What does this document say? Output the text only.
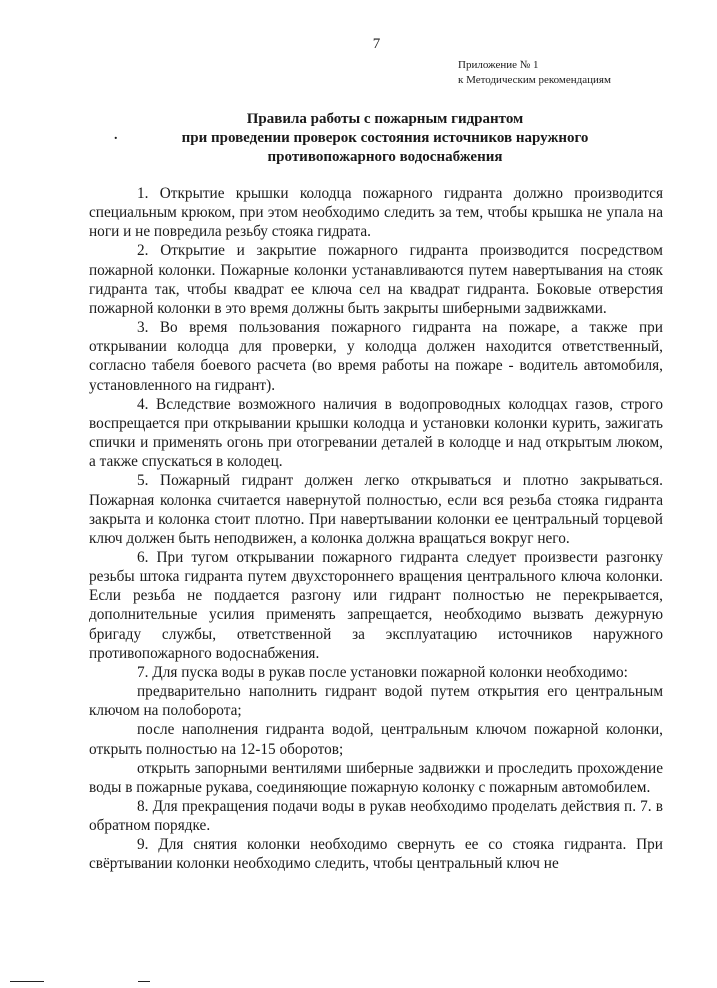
7
Приложение № 1
к Методическим рекомендациям
.
Правила работы с пожарным гидрантом
при проведении проверок состояния источников наружного
противопожарного водоснабжения

1. Открытие крышки колодца пожарного гидранта должно производится специальным крюком, при этом необходимо следить за тем, чтобы крышка не упала на ноги и не повредила резьбу стояка гидрата.

2. Открытие и закрытие пожарного гидранта производится посредством пожарной колонки. Пожарные колонки устанавливаются путем навертывания на стояк гидранта так, чтобы квадрат ее ключа сел на квадрат гидранта. Боковые отверстия пожарной колонки в это время должны быть закрыты шиберными задвижками.

3. Во время пользования пожарного гидранта на пожаре, а также при открывании колодца для проверки, у колодца должен находится ответственный, согласно табеля боевого расчета (во время работы на пожаре - водитель автомобиля, установленного на гидрант).

4. Вследствие возможного наличия в водопроводных колодцах газов, строго воспрещается при открывании крышки колодца и установки колонки курить, зажигать спички и применять огонь при отогревании деталей в колодце и над открытым люком, а также спускаться в колодец.

5. Пожарный гидрант должен легко открываться и плотно закрываться. Пожарная колонка считается навернутой полностью, если вся резьба стояка гидранта закрыта и колонка стоит плотно. При навертывании колонки ее центральный торцевой ключ должен быть неподвижен, а колонка должна вращаться вокруг него.

6. При тугом открывании пожарного гидранта следует произвести разгонку резьбы штока гидранта путем двухстороннего вращения центрального ключа колонки. Если резьба не поддается разгону или гидрант полностью не перекрывается, дополнительные усилия применять запрещается, необходимо вызвать дежурную бригаду службы, ответственной за эксплуатацию источников наружного противопожарного водоснабжения.

7. Для пуска воды в рукав после установки пожарной колонки необходимо:

предварительно наполнить гидрант водой путем открытия его центральным ключом на полоборота;

после наполнения гидранта водой, центральным ключом пожарной колонки, открыть полностью на 12-15 оборотов;

открыть запорными вентилями шиберные задвижки и проследить прохождение воды в пожарные рукава, соединяющие пожарную колонку с пожарным автомобилем.

8. Для прекращения подачи воды в рукав необходимо проделать действия п. 7. в обратном порядке.

9. Для снятия колонки необходимо свернуть ее со стояка гидранта. При свёртывании колонки необходимо следить, чтобы центральный ключ не
